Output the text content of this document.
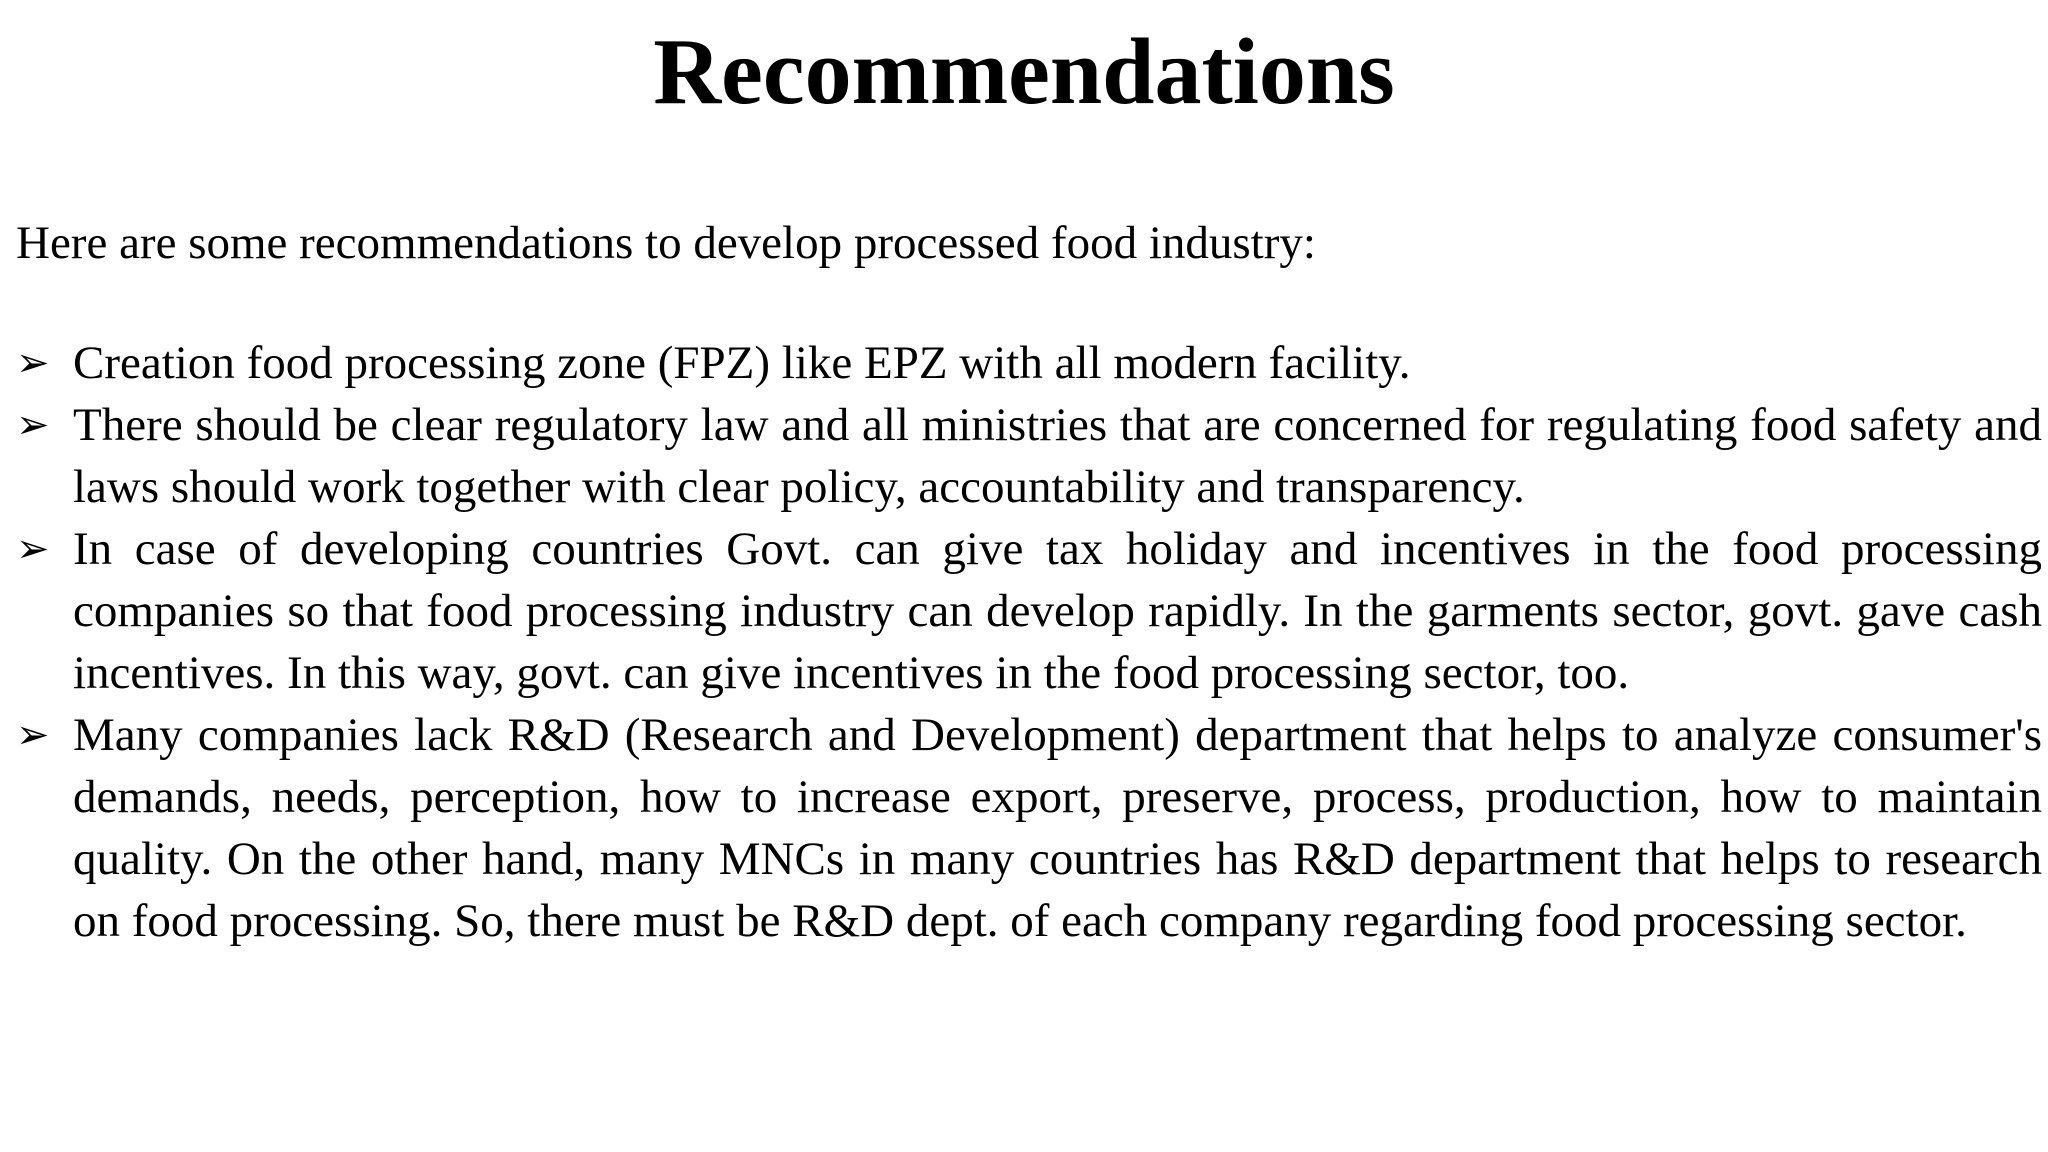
Recommendations

Here are some recommendations to develop processed food industry:

➢ Creation food processing zone (FPZ) like EPZ with all modern facility.
➢ There should be clear regulatory law and all ministries that are concerned for regulating food safety and laws should work together with clear policy, accountability and transparency.
➢ In case of developing countries Govt. can give tax holiday and incentives in the food processing companies so that food processing industry can develop rapidly. In the garments sector, govt. gave cash incentives. In this way, govt. can give incentives in the food processing sector, too.
➢ Many companies lack R&D (Research and Development) department that helps to analyze consumer's demands, needs, perception, how to increase export, preserve, process, production, how to maintain quality. On the other hand, many MNCs in many countries has R&D department that helps to research on food processing. So, there must be R&D dept. of each company regarding food processing sector.
